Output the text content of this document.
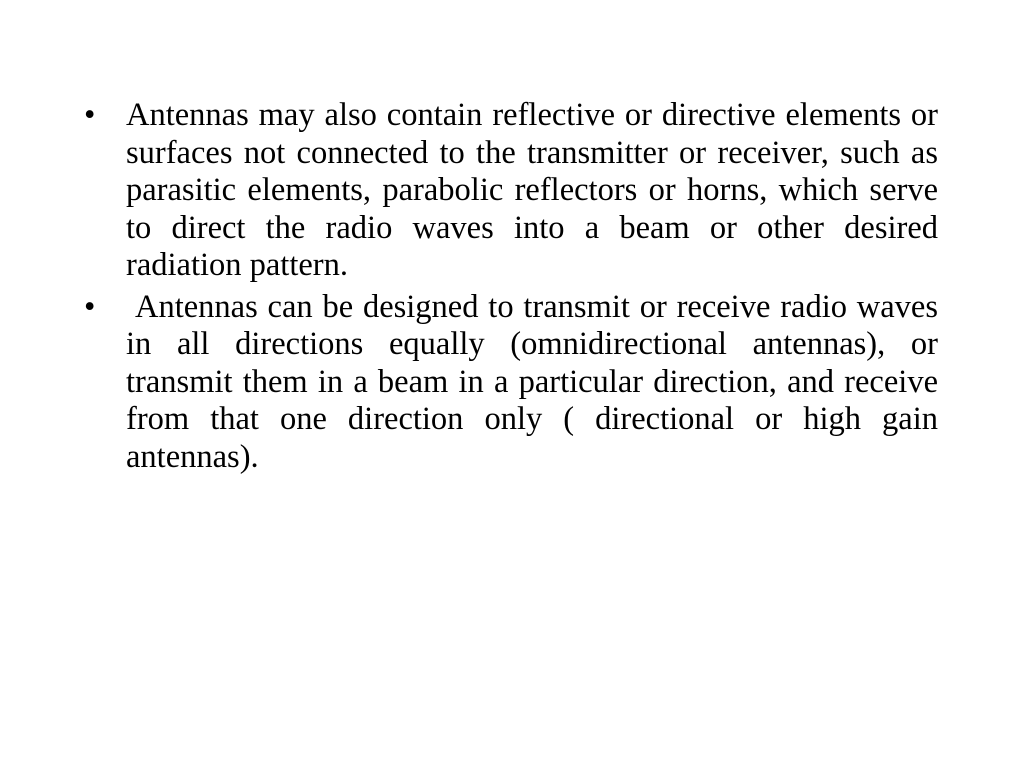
• Antennas may also contain reflective or directive elements or surfaces not connected to the transmitter or receiver, such as parasitic elements, parabolic reflectors or horns, which serve to direct the radio waves into a beam or other desired radiation pattern.
•	Antennas can be designed to transmit or receive radio waves in all directions equally (omnidirectional antennas), or transmit them in a beam in a particular direction, and receive from that one direction only ( directional or high gain antennas).
